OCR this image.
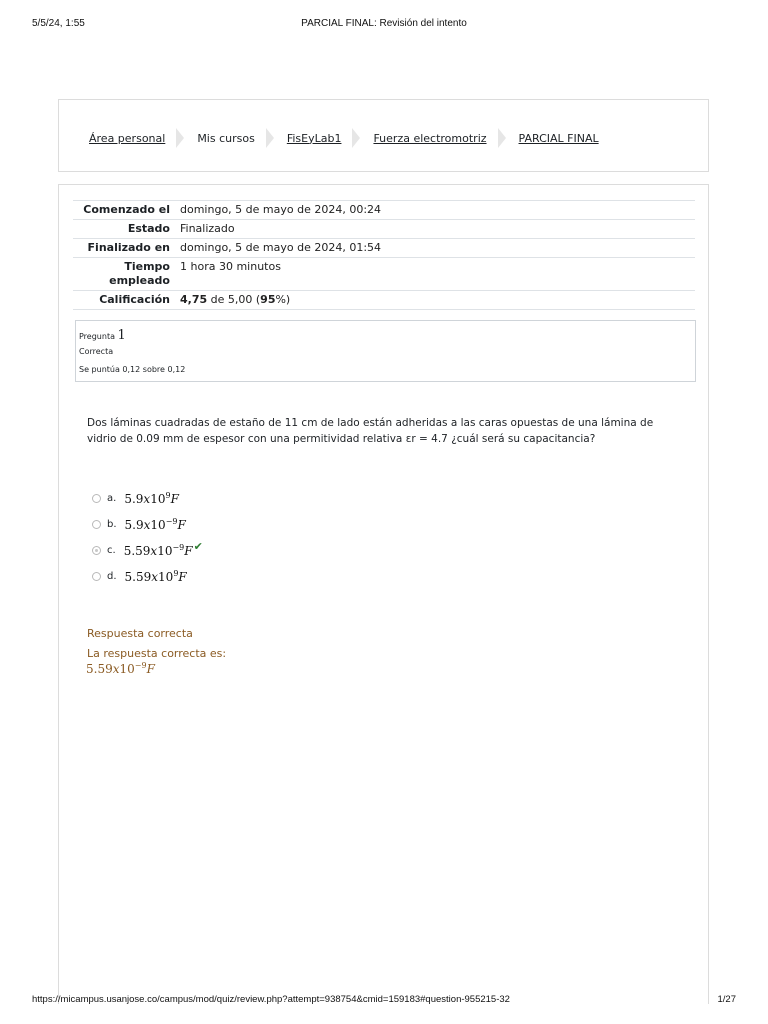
5/5/24, 1:55	PARCIAL FINAL: Revisión del intento
Área personal	Mis cursos	FisEyLab1	Fuerza electromotriz	PARCIAL FINAL
Comenzado el	domingo, 5 de mayo de 2024, 00:24
Estado	Finalizado
Finalizado en	domingo, 5 de mayo de 2024, 01:54
Tiempo empleado	1 hora 30 minutos
Calificación	4,75 de 5,00 (95%)
Pregunta 1
Correcta
Se puntúa 0,12 sobre 0,12
Dos láminas cuadradas de estaño de 11 cm de lado están adheridas a las caras opuestas de una lámina de vidrio de 0.09 mm de espesor con una permitividad relativa εr = 4.7 ¿cuál será su capacitancia?
a. $5.9x10^9F$
b. $5.9x10^{-9}F$
c. $5.59x10^{-9}F$ ✔
d. $5.59x10^9F$
Respuesta correcta
La respuesta correcta es:
$5.59x10^{-9}F$
https://micampus.usanjose.co/campus/mod/quiz/review.php?attempt=938754&cmid=159183#question-955215-32	1/27
